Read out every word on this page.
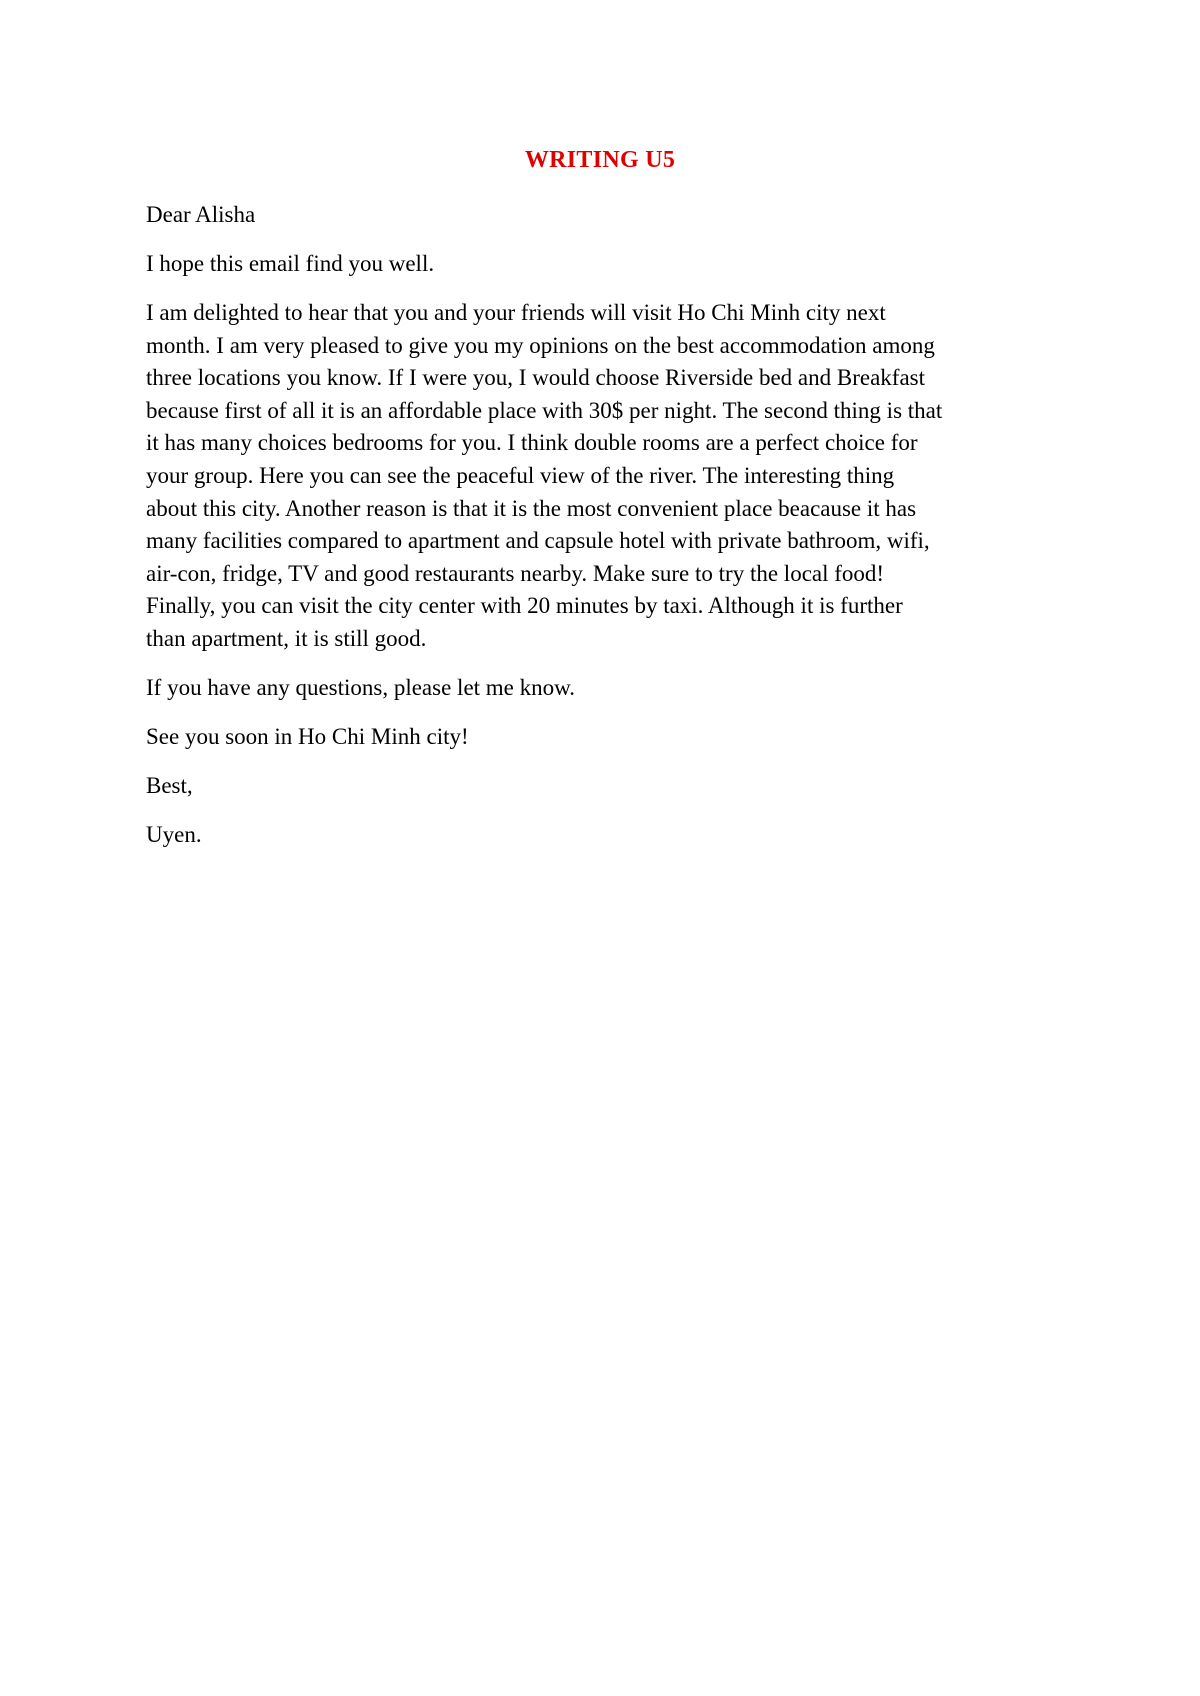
WRITING U5

Dear Alisha

I hope this email find you well.

I am delighted to hear that you and your friends will visit Ho Chi Minh city next
month. I am very pleased to give you my opinions on the best accommodation among
three locations you know. If I were you, I would choose Riverside bed and Breakfast
because first of all it is an affordable place with 30$ per night. The second thing is that
it has many choices bedrooms for you. I think double rooms are a perfect choice for
your group. Here you can see the peaceful view of the river. The interesting thing
about this city. Another reason is that it is the most convenient place beacause it has
many facilities compared to apartment and capsule hotel with private bathroom, wifi,
air-con, fridge, TV and good restaurants nearby. Make sure to try the local food!
Finally, you can visit the city center with 20 minutes by taxi. Although it is further
than apartment, it is still good.

If you have any questions, please let me know.

See you soon in Ho Chi Minh city!

Best,

Uyen.
